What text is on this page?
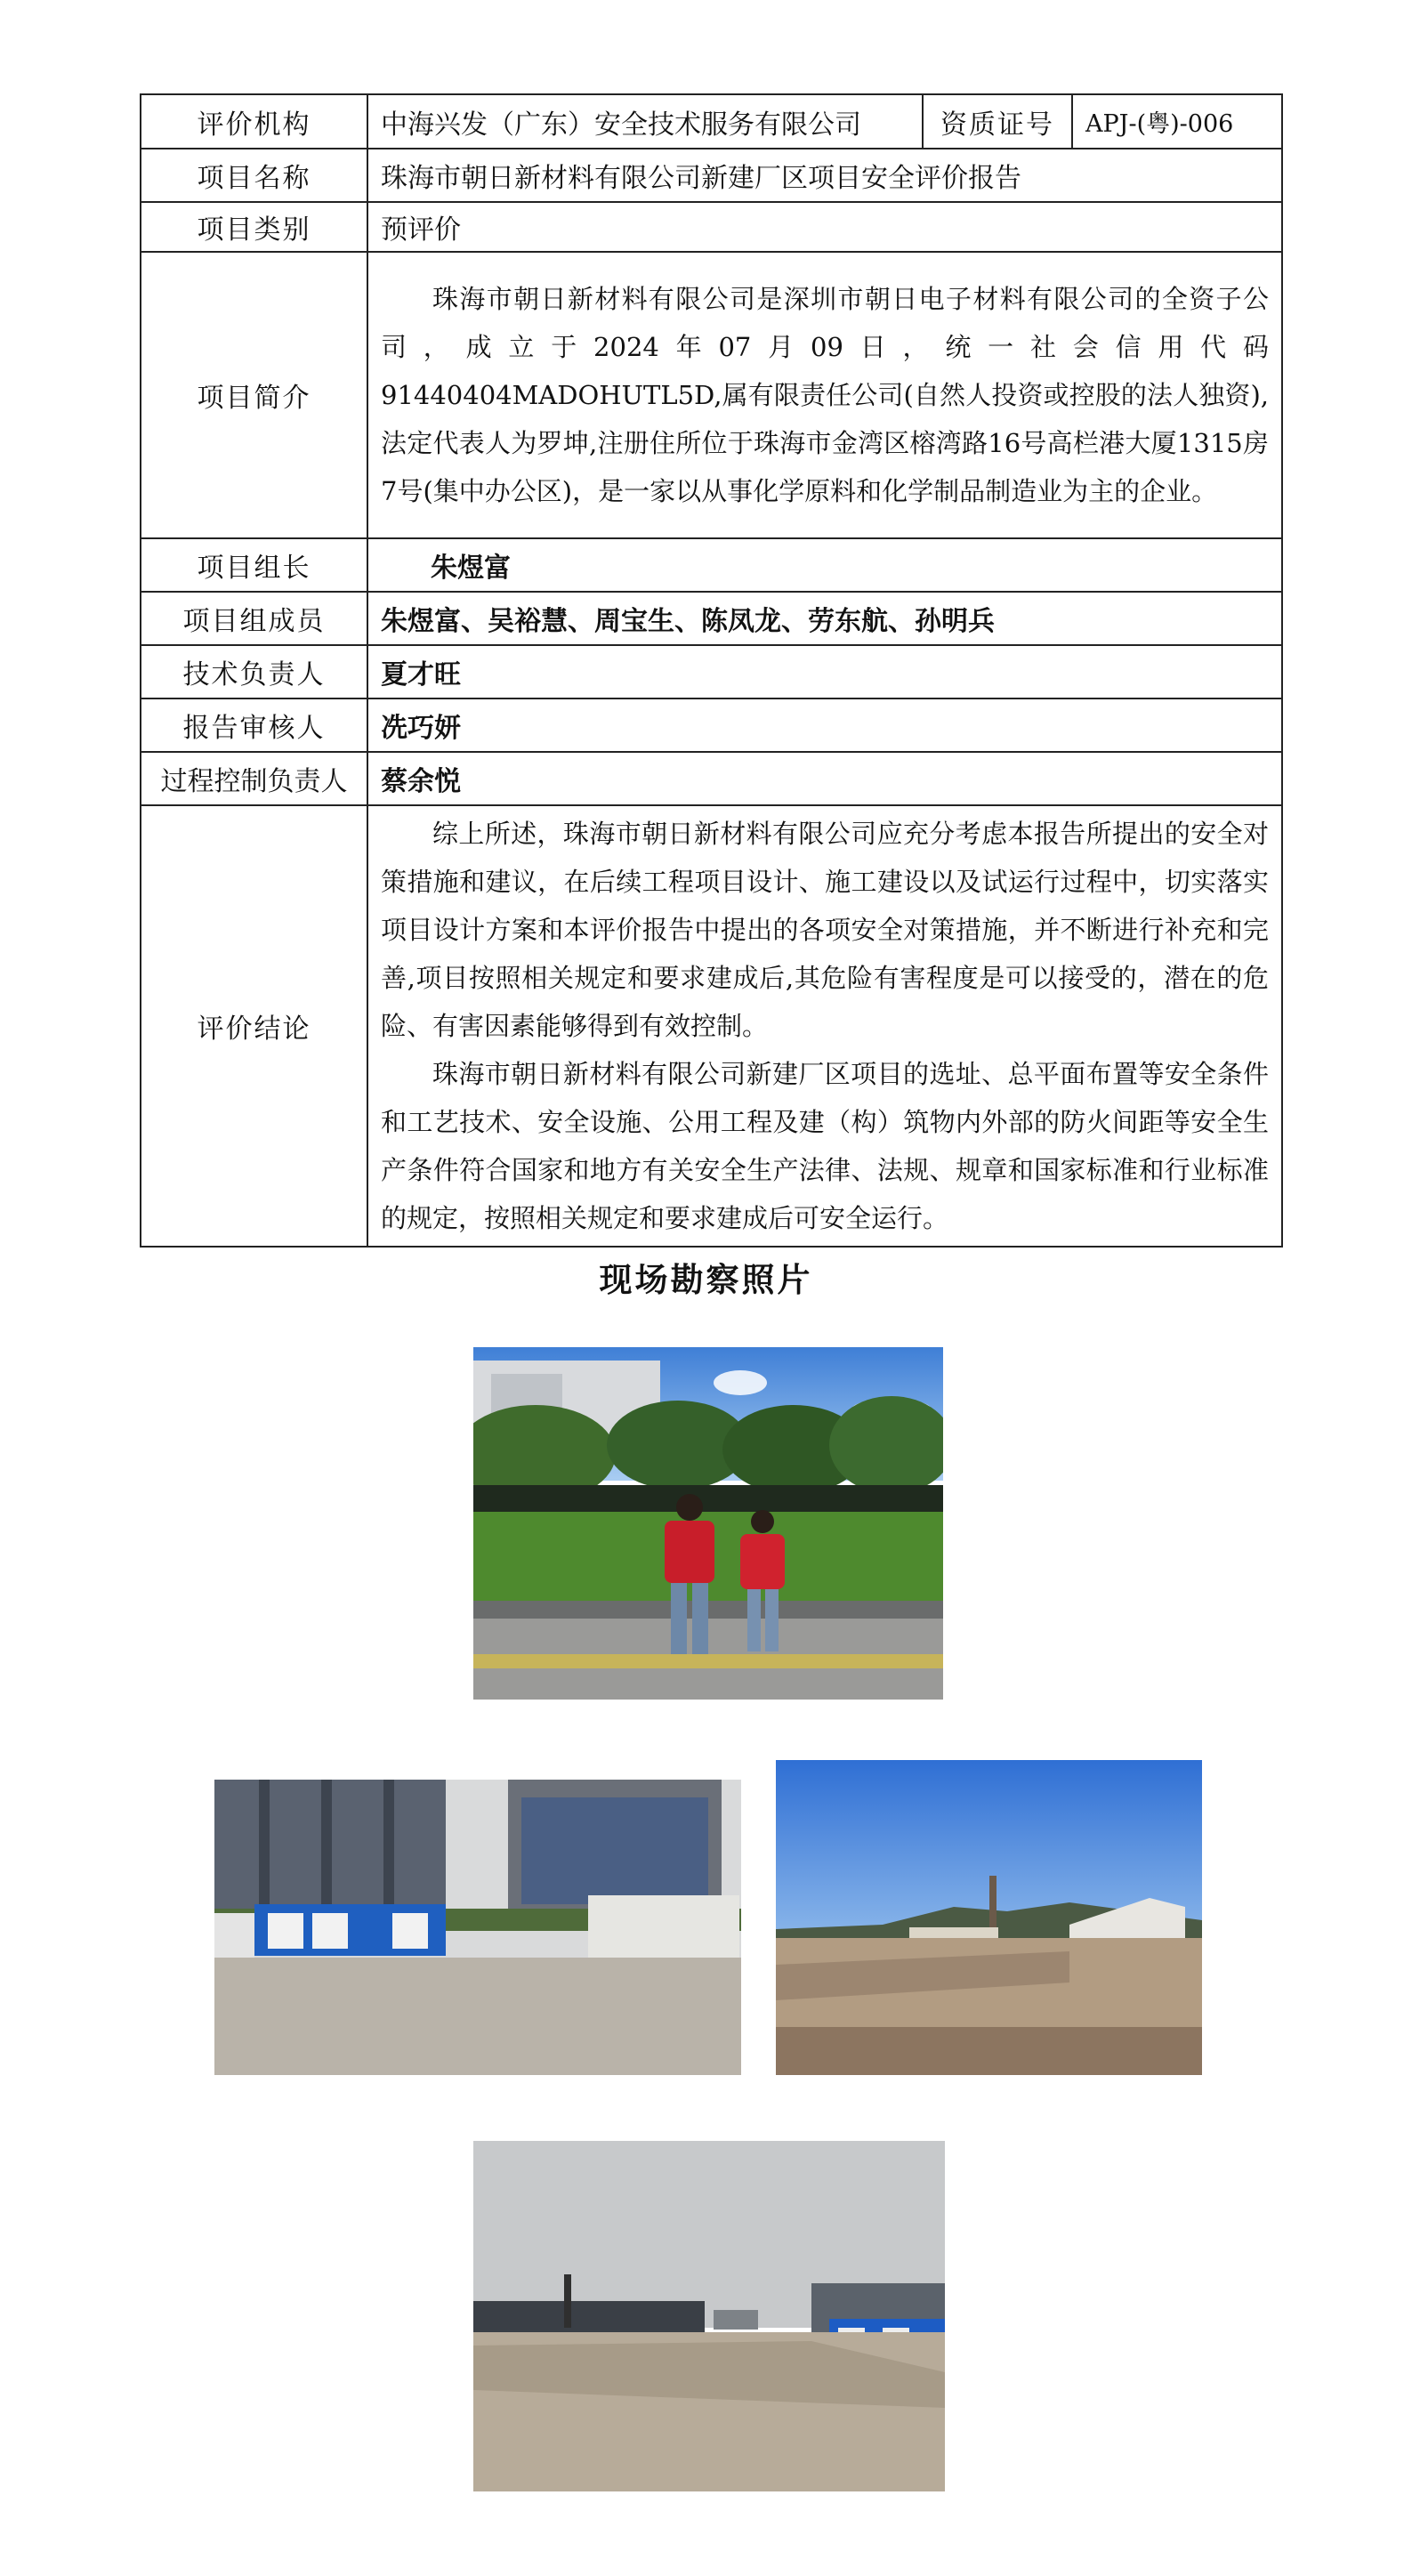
评价机构	中海兴发（广东）安全技术服务有限公司	资质证号	APJ-(粤)-006
项目名称	珠海市朝日新材料有限公司新建厂区项目安全评价报告		
项目类别	预评价		
项目简介	珠海市朝日新材料有限公司是深圳市朝日电子材料有限公司的全资子公司，成立于2024年07月09日，统一社会信用代码91440404MADOHUTL5D,属有限责任公司(自然人投资或控股的法人独资),法定代表人为罗坤,注册住所位于珠海市金湾区榕湾路16号高栏港大厦1315房7号(集中办公区)，是一家以从事化学原料和化学制品制造业为主的企业。		

项目组长	朱煜富		
项目组成员	朱煜富、吴裕慧、周宝生、陈凤龙、劳东航、孙明兵		
技术负责人	夏才旺		
报告审核人	冼巧妍		
过程控制负责人	蔡余悦		
评价结论	综上所述，珠海市朝日新材料有限公司应充分考虑本报告所提出的安全对策措施和建议，在后续工程项目设计、施工建设以及试运行过程中，切实落实项目设计方案和本评价报告中提出的各项安全对策措施，并不断进行补充和完善,项目按照相关规定和要求建成后,其危险有害程度是可以接受的，潜在的危险、有害因素能够得到有效控制。

珠海市朝日新材料有限公司新建厂区项目的选址、总平面布置等安全条件和工艺技术、安全设施、公用工程及建（构）筑物内外部的防火间距等安全生产条件符合国家和地方有关安全生产法律、法规、规章和国家标准和行业标准的规定，按照相关规定和要求建成后可安全运行。		

现场勘察照片
